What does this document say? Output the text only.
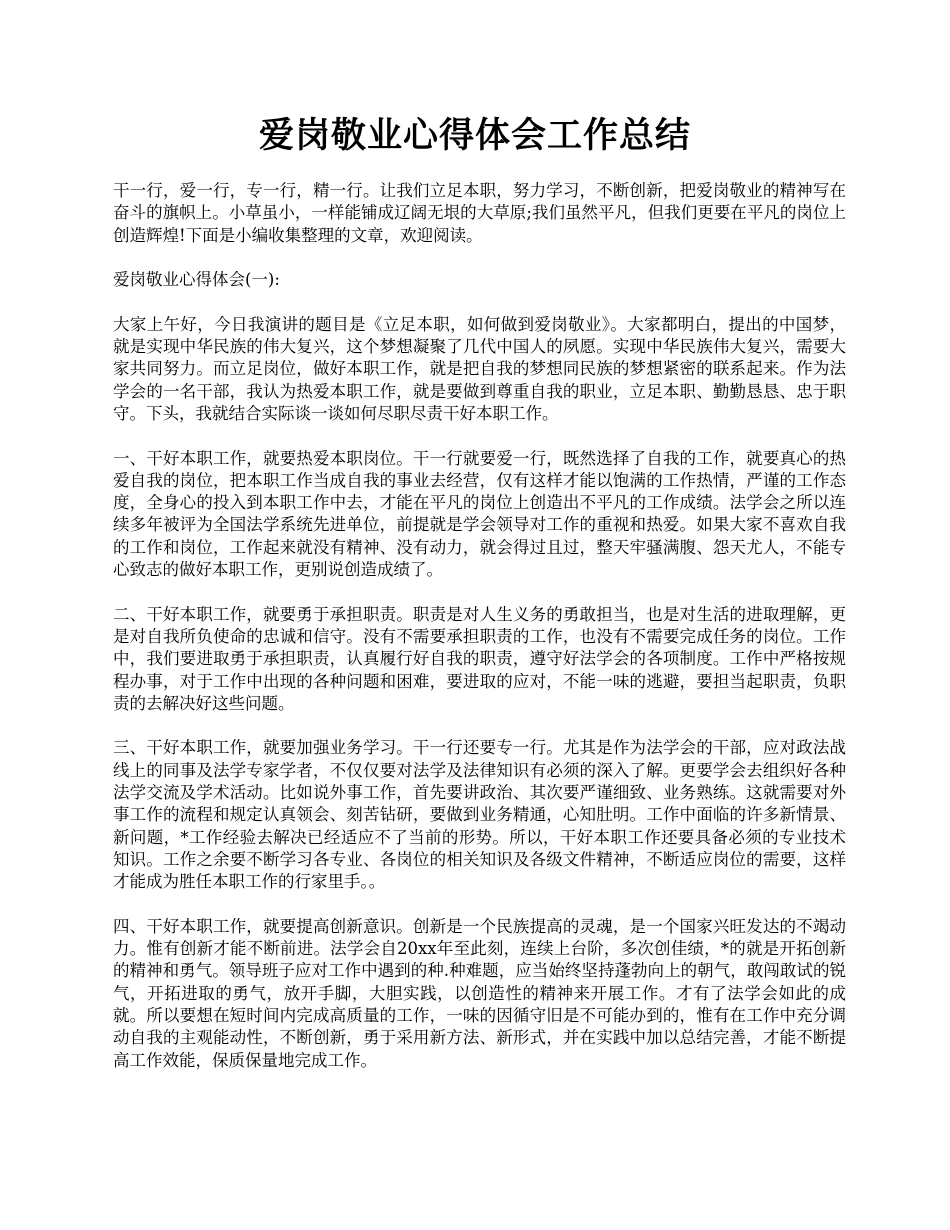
爱岗敬业心得体会工作总结

干一行，爱一行，专一行，精一行。让我们立足本职，努力学习，不断创新，把爱岗敬业的精神写在奋斗的旗帜上。小草虽小，一样能铺成辽阔无垠的大草原;我们虽然平凡，但我们更要在平凡的岗位上创造辉煌!下面是小编收集整理的文章，欢迎阅读。

爱岗敬业心得体会(一):

大家上午好，今日我演讲的题目是《立足本职，如何做到爱岗敬业》。大家都明白，提出的中国梦，就是实现中华民族的伟大复兴，这个梦想凝聚了几代中国人的夙愿。实现中华民族伟大复兴，需要大家共同努力。而立足岗位，做好本职工作，就是把自我的梦想同民族的梦想紧密的联系起来。作为法学会的一名干部，我认为热爱本职工作，就是要做到尊重自我的职业，立足本职、勤勤恳恳、忠于职守。下头，我就结合实际谈一谈如何尽职尽责干好本职工作。

一、干好本职工作，就要热爱本职岗位。干一行就要爱一行，既然选择了自我的工作，就要真心的热爱自我的岗位，把本职工作当成自我的事业去经营，仅有这样才能以饱满的工作热情，严谨的工作态度，全身心的投入到本职工作中去，才能在平凡的岗位上创造出不平凡的工作成绩。法学会之所以连续多年被评为全国法学系统先进单位，前提就是学会领导对工作的重视和热爱。如果大家不喜欢自我的工作和岗位，工作起来就没有精神、没有动力，就会得过且过，整天牢骚满腹、怨天尤人，不能专心致志的做好本职工作，更别说创造成绩了。

二、干好本职工作，就要勇于承担职责。职责是对人生义务的勇敢担当，也是对生活的进取理解，更是对自我所负使命的忠诚和信守。没有不需要承担职责的工作，也没有不需要完成任务的岗位。工作中，我们要进取勇于承担职责，认真履行好自我的职责，遵守好法学会的各项制度。工作中严格按规程办事，对于工作中出现的各种问题和困难，要进取的应对，不能一味的逃避，要担当起职责，负职责的去解决好这些问题。

三、干好本职工作，就要加强业务学习。干一行还要专一行。尤其是作为法学会的干部，应对政法战线上的同事及法学专家学者，不仅仅要对法学及法律知识有必须的深入了解。更要学会去组织好各种法学交流及学术活动。比如说外事工作，首先要讲政治、其次要严谨细致、业务熟练。这就需要对外事工作的流程和规定认真领会、刻苦钻研，要做到业务精通，心知肚明。工作中面临的许多新情景、新问题，*工作经验去解决已经适应不了当前的形势。所以，干好本职工作还要具备必须的专业技术知识。工作之余要不断学习各专业、各岗位的相关知识及各级文件精神，不断适应岗位的需要，这样才能成为胜任本职工作的行家里手。。

四、干好本职工作，就要提高创新意识。创新是一个民族提高的灵魂，是一个国家兴旺发达的不竭动力。惟有创新才能不断前进。法学会自20xx年至此刻，连续上台阶，多次创佳绩，*的就是开拓创新的精神和勇气。领导班子应对工作中遇到的种.种难题，应当始终坚持蓬勃向上的朝气，敢闯敢试的锐气，开拓进取的勇气，放开手脚，大胆实践，以创造性的精神来开展工作。才有了法学会如此的成就。所以要想在短时间内完成高质量的工作，一味的因循守旧是不可能办到的，惟有在工作中充分调动自我的主观能动性，不断创新，勇于采用新方法、新形式，并在实践中加以总结完善，才能不断提高工作效能，保质保量地完成工作。
